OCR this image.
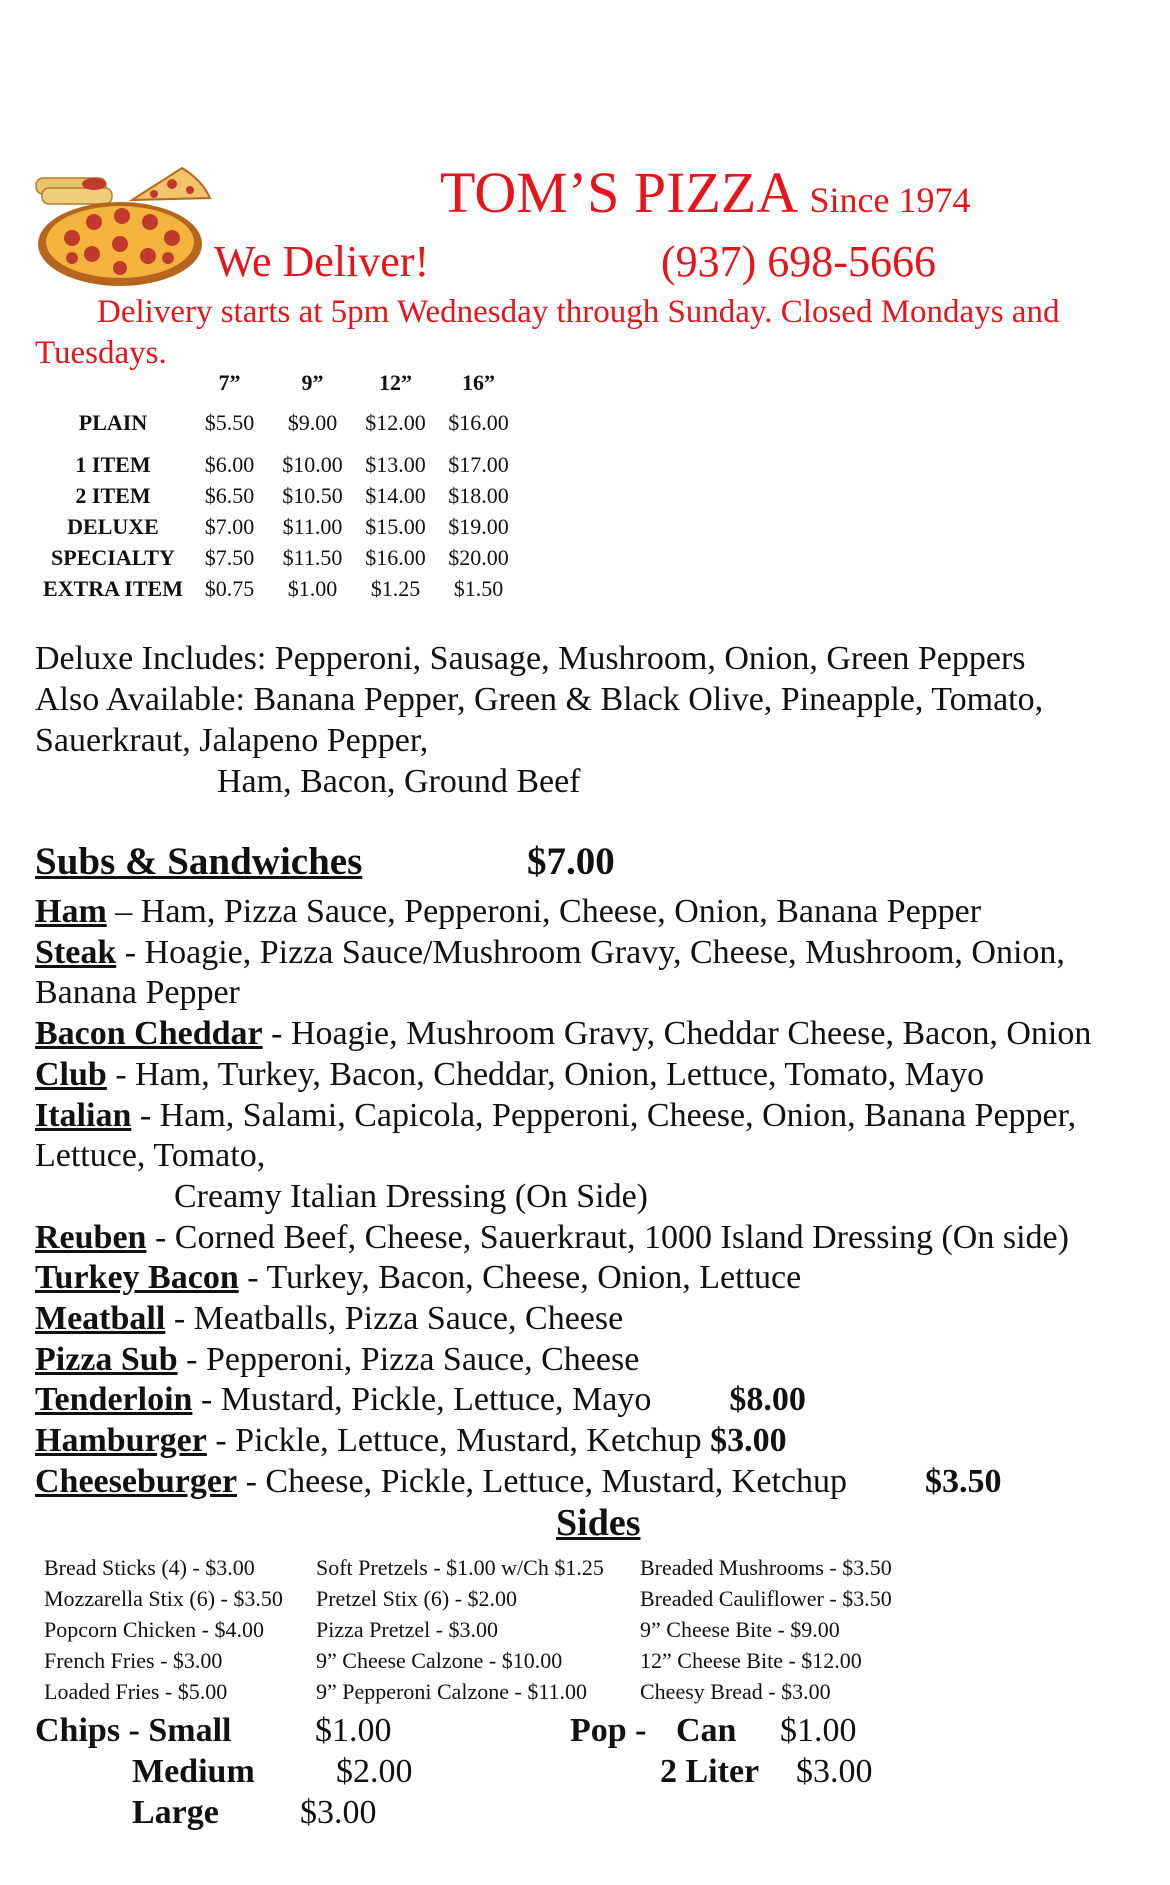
TOM’S PIZZA Since 1974
We Deliver!	(937) 698-5666
Delivery starts at 5pm Wednesday through Sunday. Closed Mondays and Tuesdays.
	7”	9”	12”	16”
PLAIN	$5.50	$9.00	$12.00	$16.00
1 ITEM	$6.00	$10.00	$13.00	$17.00
2 ITEM	$6.50	$10.50	$14.00	$18.00
DELUXE	$7.00	$11.00	$15.00	$19.00
SPECIALTY	$7.50	$11.50	$16.00	$20.00
EXTRA ITEM	$0.75	$1.00	$1.25	$1.50
Deluxe Includes: Pepperoni, Sausage, Mushroom, Onion, Green Peppers
Also Available: Banana Pepper, Green & Black Olive, Pineapple, Tomato, Sauerkraut, Jalapeno Pepper,
Ham, Bacon, Ground Beef
Subs & Sandwiches	$7.00
Ham – Ham, Pizza Sauce, Pepperoni, Cheese, Onion, Banana Pepper
Steak - Hoagie, Pizza Sauce/Mushroom Gravy, Cheese, Mushroom, Onion, Banana Pepper
Bacon Cheddar - Hoagie, Mushroom Gravy, Cheddar Cheese, Bacon, Onion
Club - Ham, Turkey, Bacon, Cheddar, Onion, Lettuce, Tomato, Mayo
Italian - Ham, Salami, Capicola, Pepperoni, Cheese, Onion, Banana Pepper, Lettuce, Tomato,
Creamy Italian Dressing (On Side)
Reuben - Corned Beef, Cheese, Sauerkraut, 1000 Island Dressing (On side)
Turkey Bacon - Turkey, Bacon, Cheese, Onion, Lettuce
Meatball - Meatballs, Pizza Sauce, Cheese
Pizza Sub - Pepperoni, Pizza Sauce, Cheese
Tenderloin - Mustard, Pickle, Lettuce, Mayo $8.00
Hamburger - Pickle, Lettuce, Mustard, Ketchup $3.00
Cheeseburger - Cheese, Pickle, Lettuce, Mustard, Ketchup $3.50
Sides
Bread Sticks (4) - $3.00
Mozzarella Stix (6) - $3.50
Popcorn Chicken - $4.00
French Fries - $3.00
Loaded Fries - $5.00
Soft Pretzels - $1.00 w/Ch $1.25
Pretzel Stix (6) - $2.00
Pizza Pretzel - $3.00
9” Cheese Calzone - $10.00
9” Pepperoni Calzone - $11.00
Breaded Mushrooms - $3.50
Breaded Cauliflower - $3.50
9” Cheese Bite - $9.00
12” Cheese Bite - $12.00
Cheesy Bread - $3.00
Chips - Small $1.00
Medium $2.00
Large $3.00
Pop - Can $1.00
2 Liter $3.00
